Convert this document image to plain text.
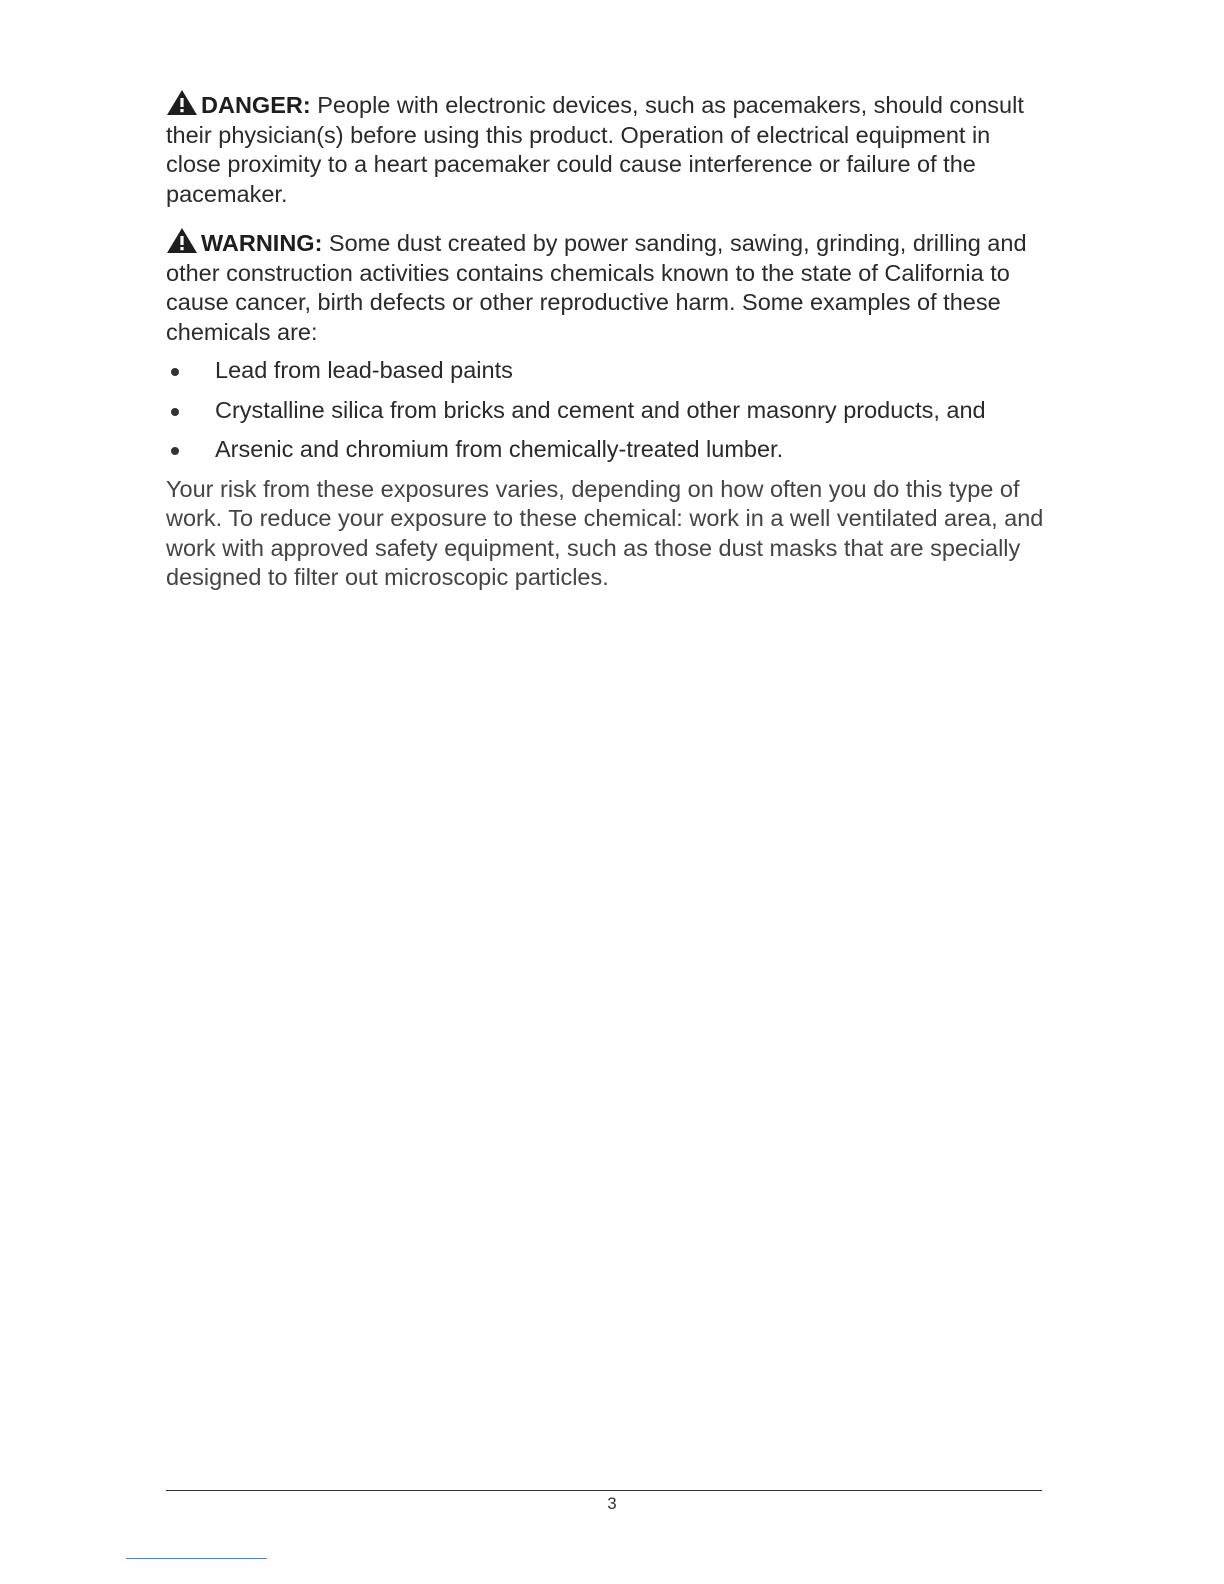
DANGER: People with electronic devices, such as pacemakers, should consult their physician(s) before using this product. Operation of electrical equipment in close proximity to a heart pacemaker could cause interference or failure of the pacemaker.

WARNING: Some dust created by power sanding, sawing, grinding, drilling and other construction activities contains chemicals known to the state of California to cause cancer, birth defects or other reproductive harm. Some examples of these chemicals are:

Lead from lead-based paints
Crystalline silica from bricks and cement and other masonry products, and
Arsenic and chromium from chemically-treated lumber.

Your risk from these exposures varies, depending on how often you do this type of work. To reduce your exposure to these chemical: work in a well ventilated area, and work with approved safety equipment, such as those dust masks that are specially designed to filter out microscopic particles.

3
